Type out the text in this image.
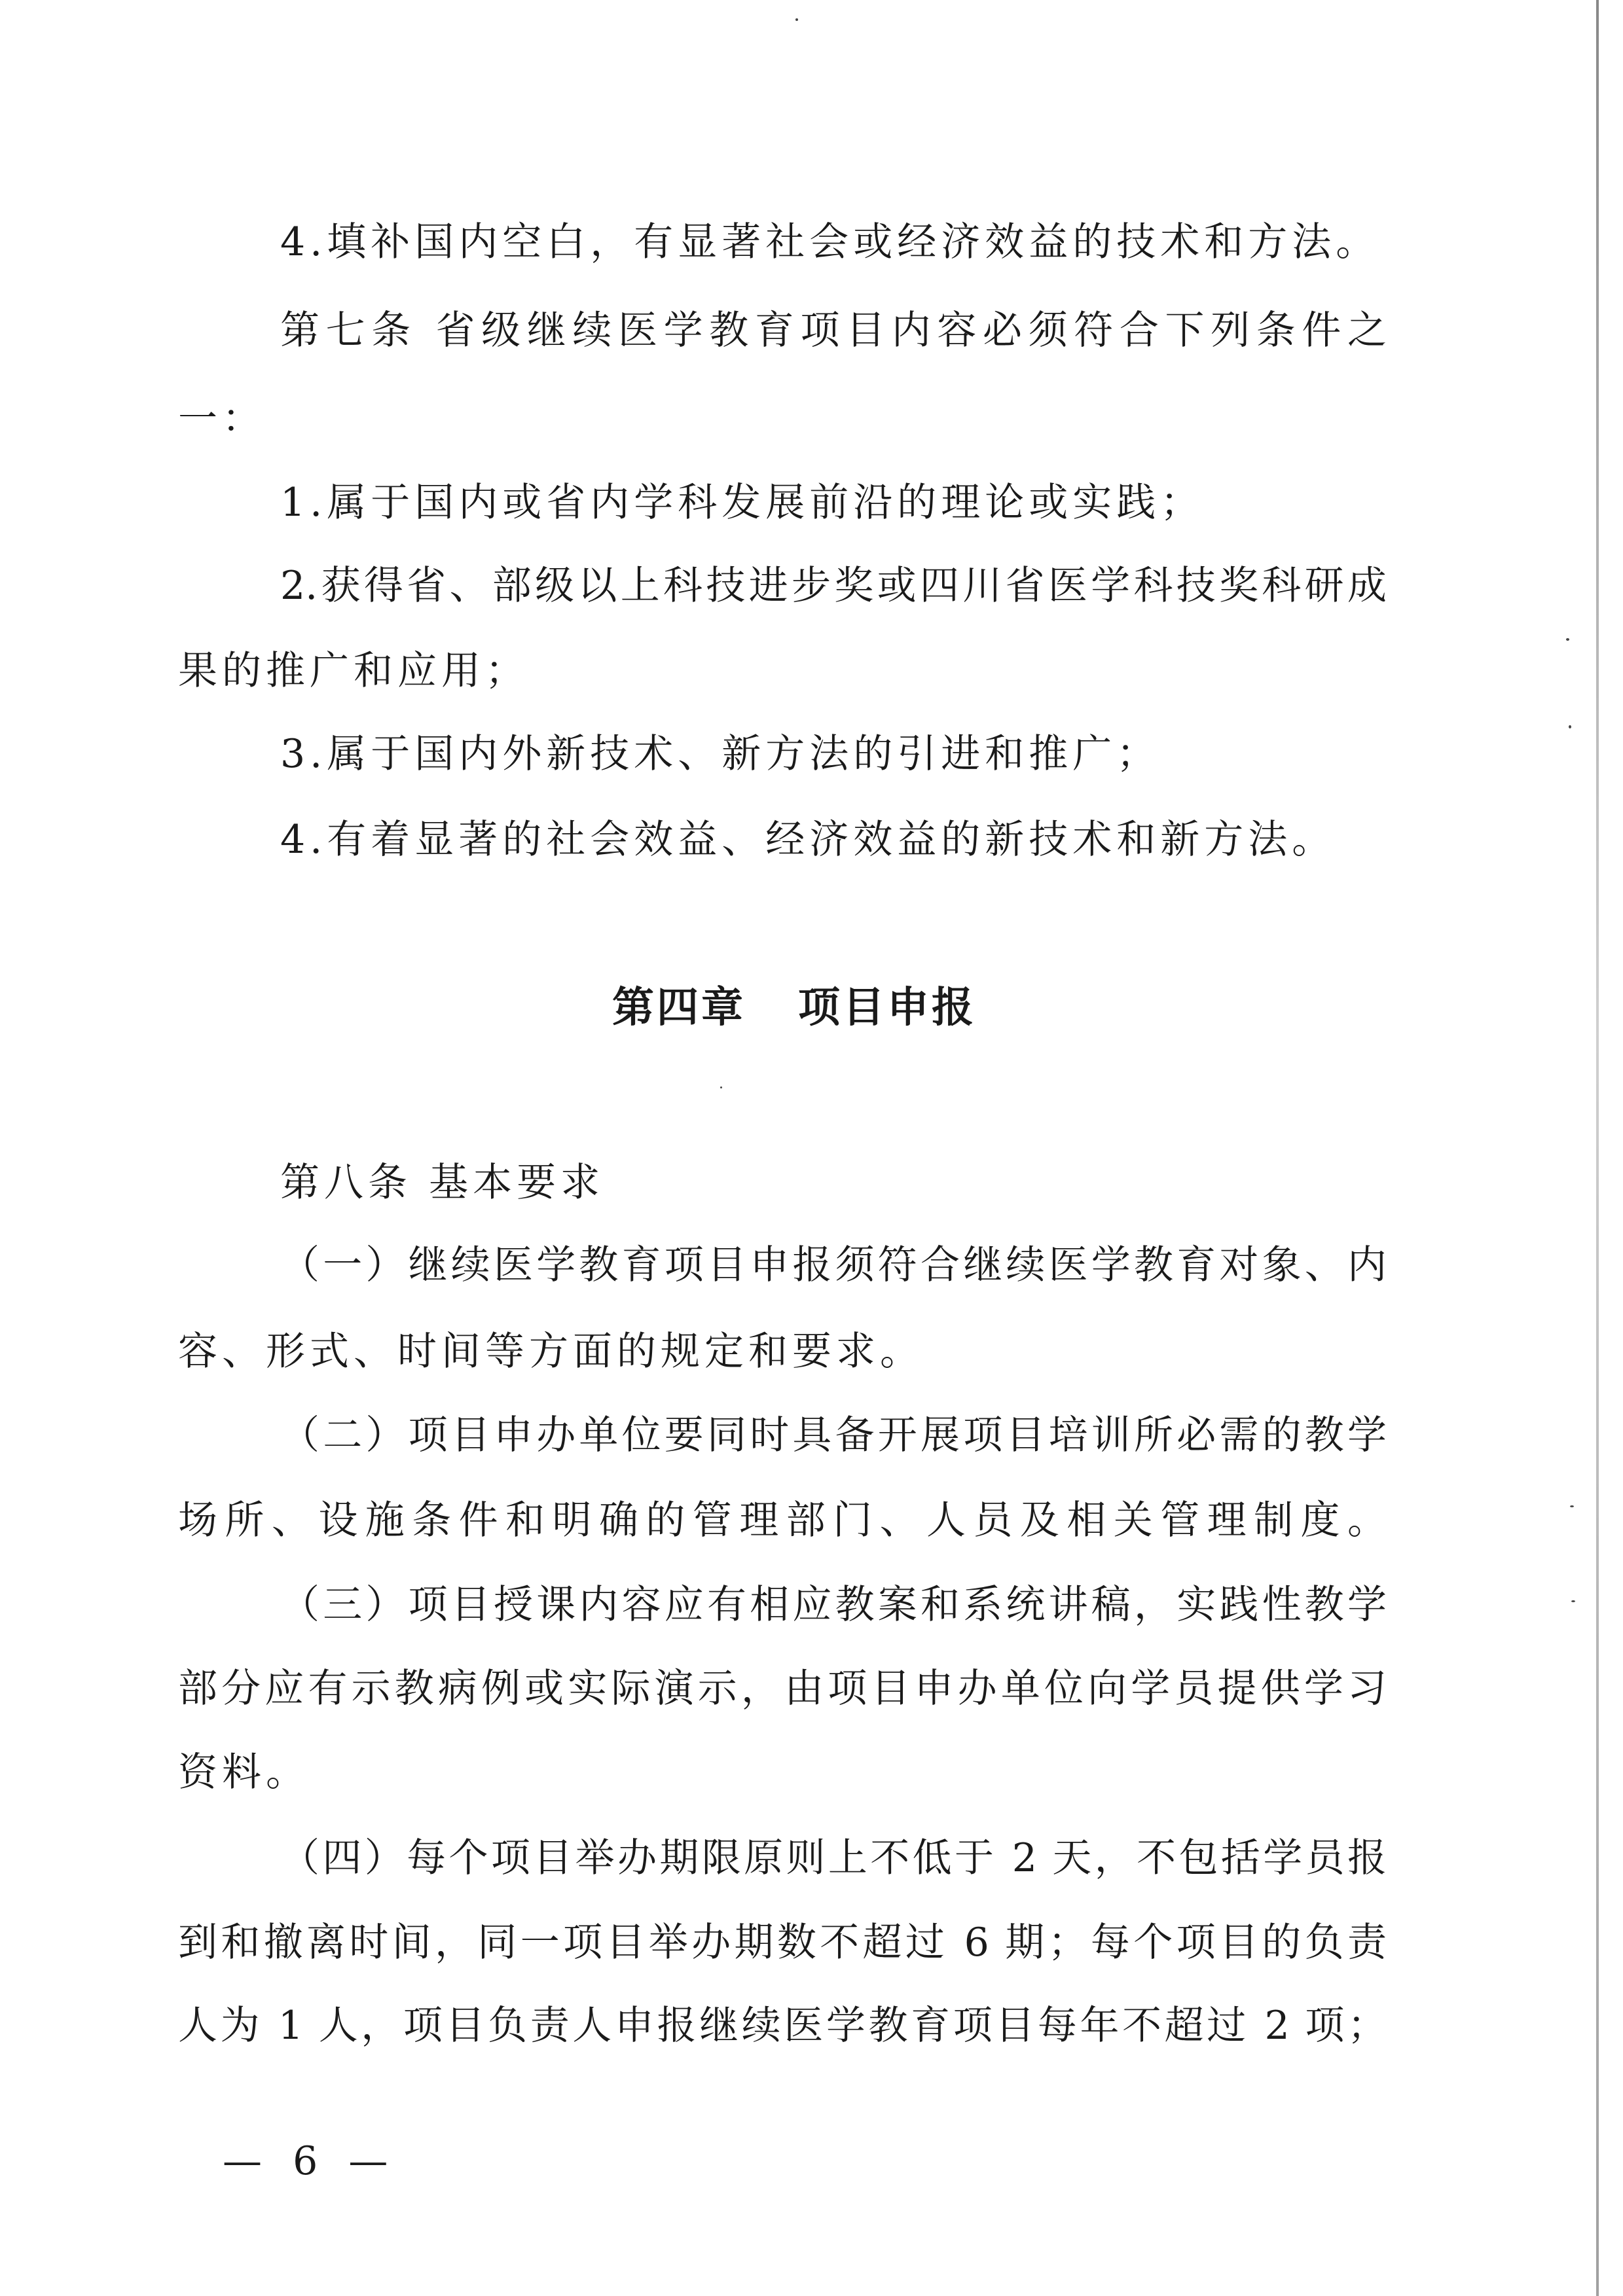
4.填补国内空白，有显著社会或经济效益的技术和方法。
第七条 省级继续医学教育项目内容必须符合下列条件之
一：
1.属于国内或省内学科发展前沿的理论或实践；
2.获得省、部级以上科技进步奖或四川省医学科技奖科研成
果的推广和应用；
3.属于国内外新技术、新方法的引进和推广；
4.有着显著的社会效益、经济效益的新技术和新方法。
第四章 项目申报
第八条 基本要求
（一）继续医学教育项目申报须符合继续医学教育对象、内
容、形式、时间等方面的规定和要求。
（二）项目申办单位要同时具备开展项目培训所必需的教学
场所、设施条件和明确的管理部门、人员及相关管理制度。
（三）项目授课内容应有相应教案和系统讲稿，实践性教学
部分应有示教病例或实际演示，由项目申办单位向学员提供学习
资料。
（四）每个项目举办期限原则上不低于 2 天，不包括学员报
到和撤离时间，同一项目举办期数不超过 6 期；每个项目的负责
人为 1 人，项目负责人申报继续医学教育项目每年不超过 2 项；
— 6 —
